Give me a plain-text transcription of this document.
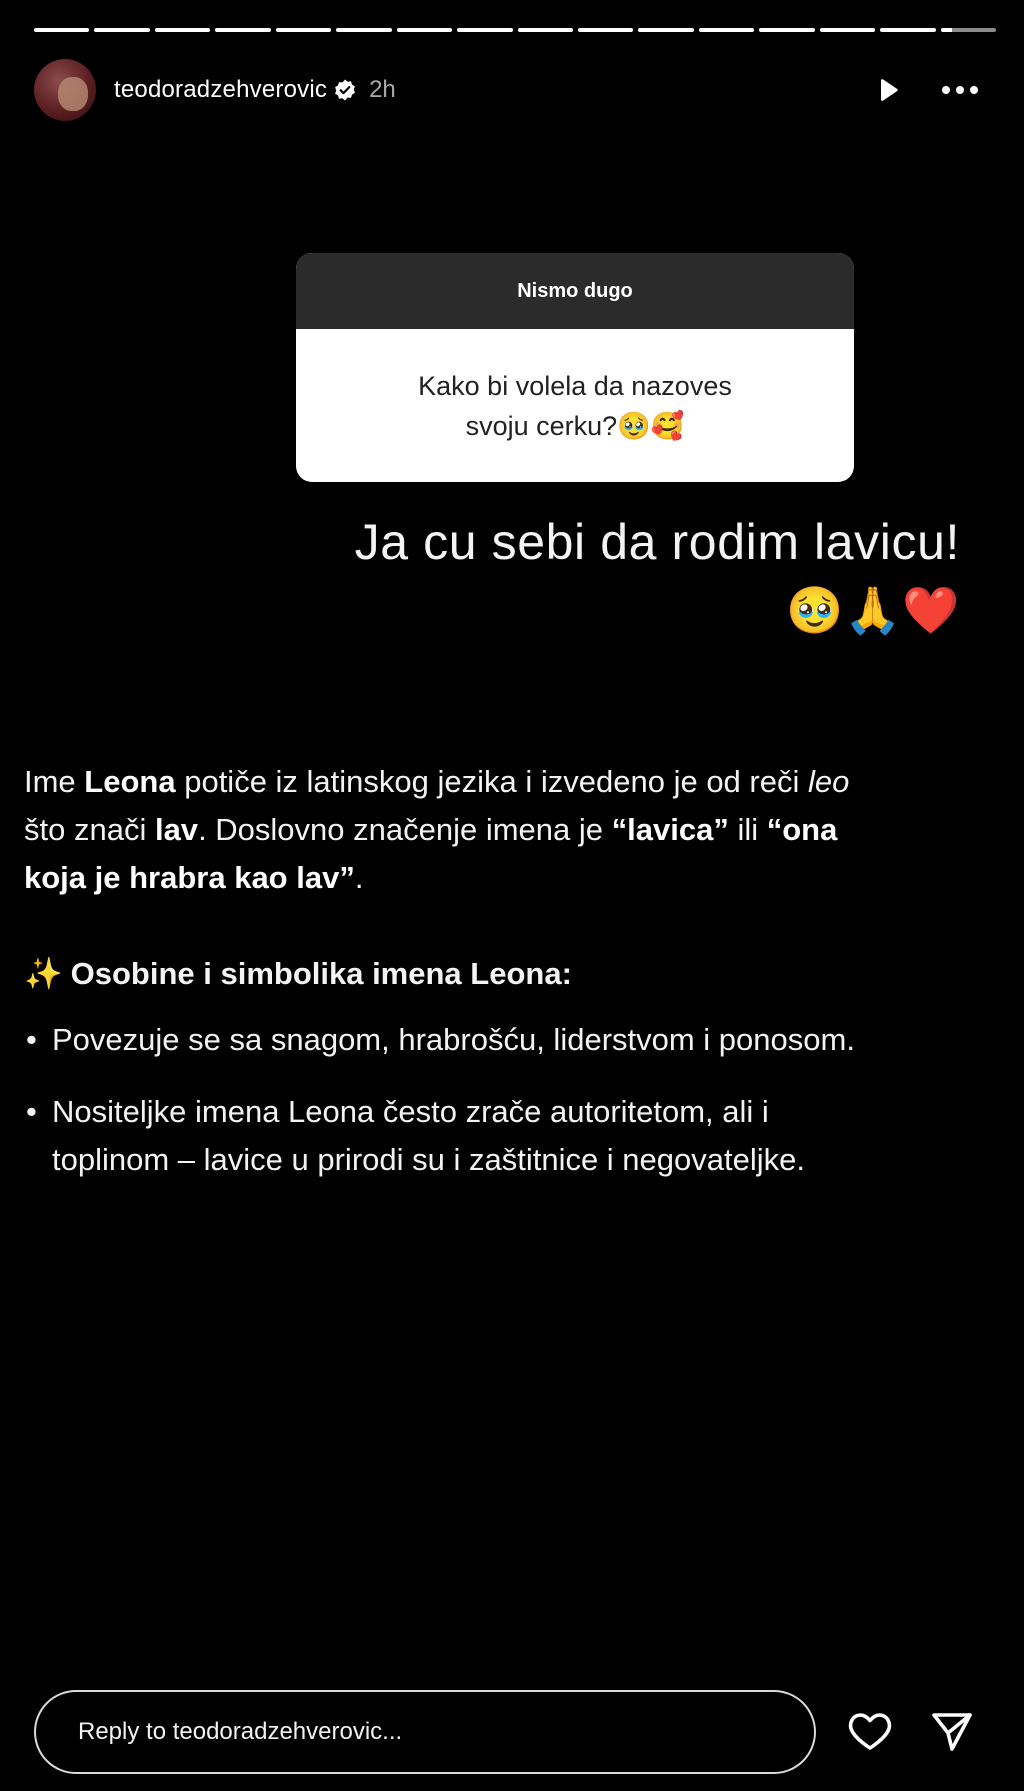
teodoradzehverovic 2h
Nismo dugo
Kako bi volela da nazoves
svoju cerku?🥹🥰
Ja cu sebi da rodim lavicu!
🥹🙏❤️

Ime Leona potiče iz latinskog jezika i izvedeno je od reči leo što znači lav. Doslovno značenje imena je “lavica” ili “ona koja je hrabra kao lav”.

✨ Osobine i simbolika imena Leona:
• Povezuje se sa snagom, hrabrošću, liderstvom i ponosom.
• Nositeljke imena Leona često zrače autoritetom, ali i toplinom – lavice u prirodi su i zaštitnice i negovateljke.
Reply to teodoradzehverovic...
